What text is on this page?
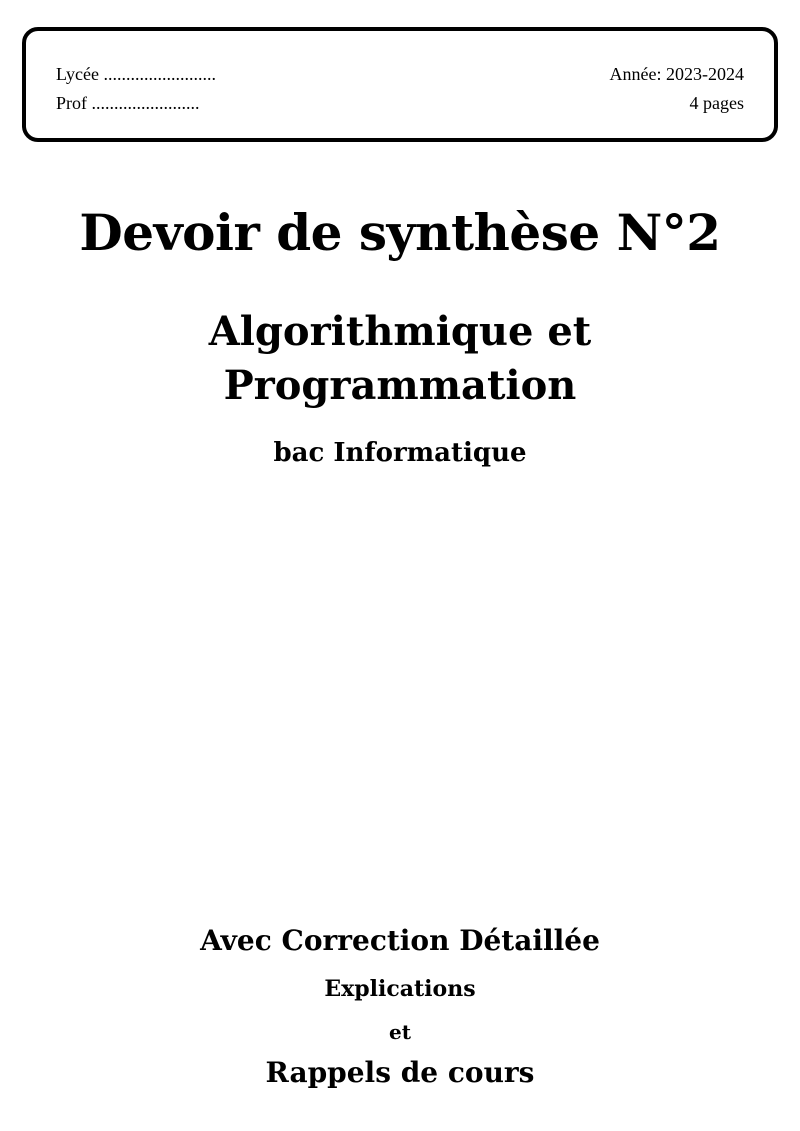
Lycée .........................	Année: 2023-2024
Prof ........................	4 pages
Devoir de synthèse N°2
Algorithmique et
Programmation
bac Informatique
Avec Correction Détaillée
Explications
et
Rappels de cours
